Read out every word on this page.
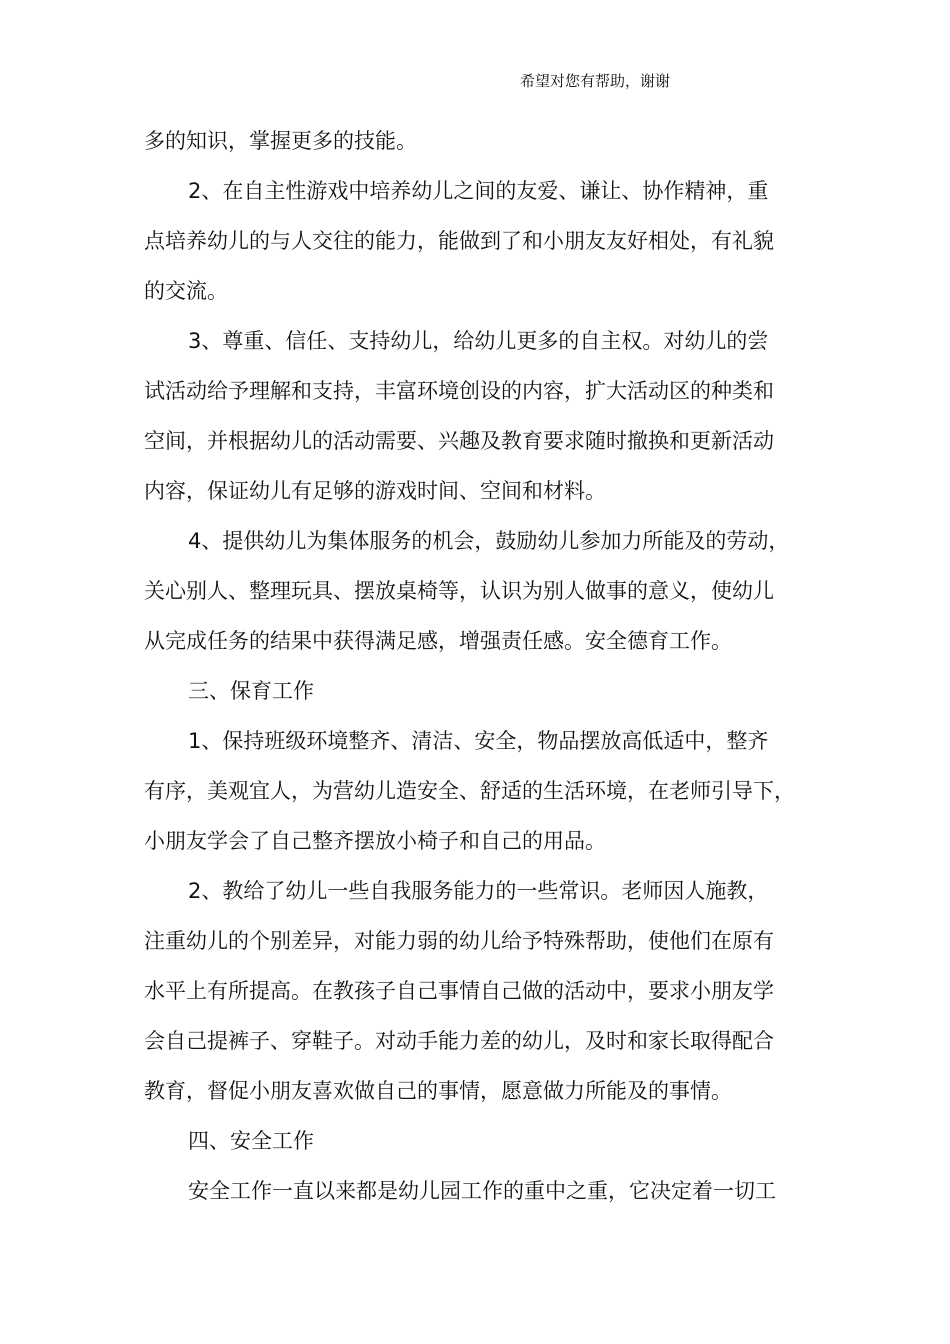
希望对您有帮助，谢谢
多的知识，掌握更多的技能。
2、在自主性游戏中培养幼儿之间的友爱、谦让、协作精神，重
点培养幼儿的与人交往的能力，能做到了和小朋友友好相处，有礼貌
的交流。
3、尊重、信任、支持幼儿，给幼儿更多的自主权。对幼儿的尝
试活动给予理解和支持，丰富环境创设的内容，扩大活动区的种类和
空间，并根据幼儿的活动需要、兴趣及教育要求随时撤换和更新活动
内容，保证幼儿有足够的游戏时间、空间和材料。
4、提供幼儿为集体服务的机会，鼓励幼儿参加力所能及的劳动，
关心别人、整理玩具、摆放桌椅等，认识为别人做事的意义，使幼儿
从完成任务的结果中获得满足感，增强责任感。安全德育工作。
三、保育工作
1、保持班级环境整齐、清洁、安全，物品摆放高低适中，整齐
有序，美观宜人，为营幼儿造安全、舒适的生活环境，在老师引导下，
小朋友学会了自己整齐摆放小椅子和自己的用品。
2、教给了幼儿一些自我服务能力的一些常识。老师因人施教，
注重幼儿的个别差异，对能力弱的幼儿给予特殊帮助，使他们在原有
水平上有所提高。在教孩子自己事情自己做的活动中，要求小朋友学
会自己提裤子、穿鞋子。对动手能力差的幼儿，及时和家长取得配合
教育，督促小朋友喜欢做自己的事情，愿意做力所能及的事情。
四、安全工作
安全工作一直以来都是幼儿园工作的重中之重，它决定着一切工
